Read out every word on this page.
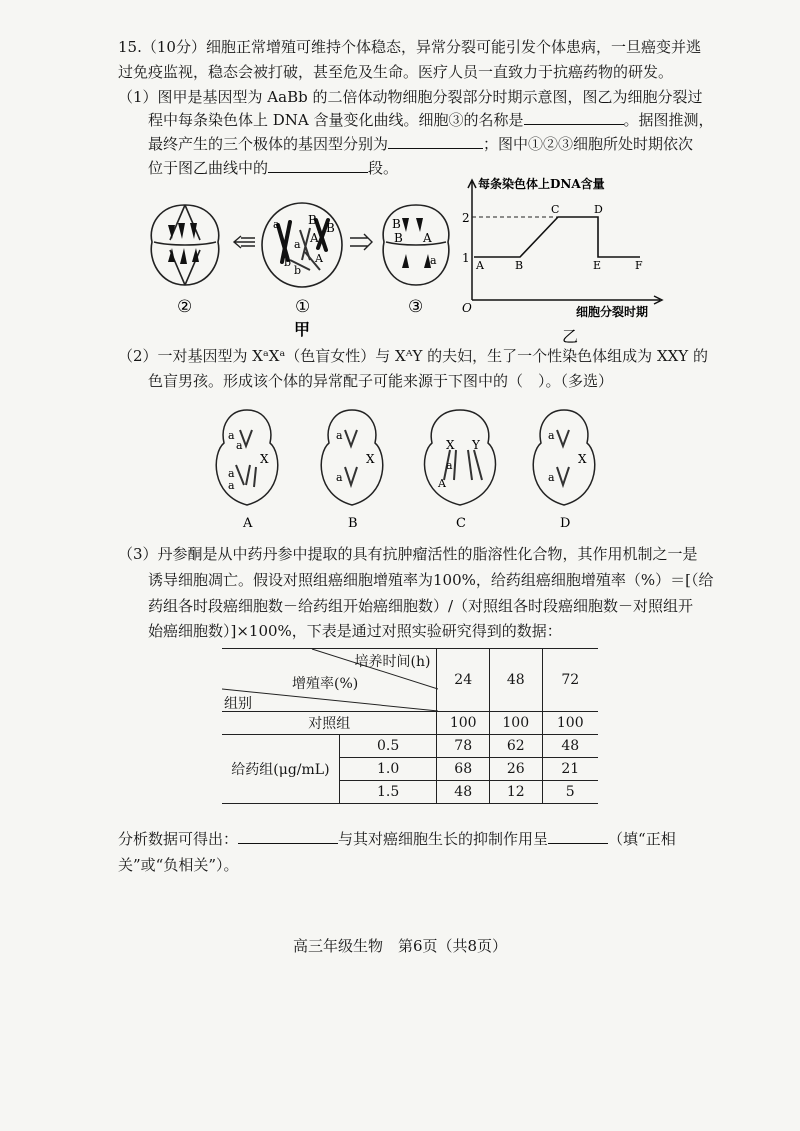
15.（10分）细胞正常增殖可维持个体稳态，异常分裂可能引发个体患病，一旦癌变并逃
过免疫监视，稳态会被打破，甚至危及生命。医疗人员一直致力于抗癌药物的研发。
（1）图甲是基因型为 AaBb 的二倍体动物细胞分裂部分时期示意图，图乙为细胞分裂过
程中每条染色体上 DNA 含量变化曲线。细胞③的名称是	。据图推测，
最终产生的三个极体的基因型分别为	；图中①②③细胞所处时期依次
位于图乙曲线中的	段。
a B
a A
b
b
B
A
B
A
B
a
②	①	③
甲
每条染色体上DNA含量
细胞分裂时期
O
1
2
A	B
C	D
E	F
乙
（2）一对基因型为 XᵃXᵃ（色盲女性）与 XᴬY 的夫妇，生了一个性染色体组成为 XXY 的
色盲男孩。形成该个体的异常配子可能来源于下图中的（　）。（多选）
a
a
X
a
a
a
X
a
X Y
a
A
a
X
a
A	B	C	D
（3）丹参酮是从中药丹参中提取的具有抗肿瘤活性的脂溶性化合物，其作用机制之一是
诱导细胞凋亡。假设对照组癌细胞增殖率为100%，给药组癌细胞增殖率（%）＝[（给
药组各时段癌细胞数－给药组开始癌细胞数）/（对照组各时段癌细胞数－对照组开
始癌细胞数）]×100%，下表是通过对照实验研究得到的数据：
培养时间(h)
增殖率(%)
组别		24	48	72
对照组		100	100	100
给药组(μg/mL)	0.5	78	62	48
	1.0	68	26	21
	1.5	48	12	5
分析数据可得出：	与其对癌细胞生长的抑制作用呈	（填“正相
关”或“负相关”）。
高三年级生物　第6页（共8页）
